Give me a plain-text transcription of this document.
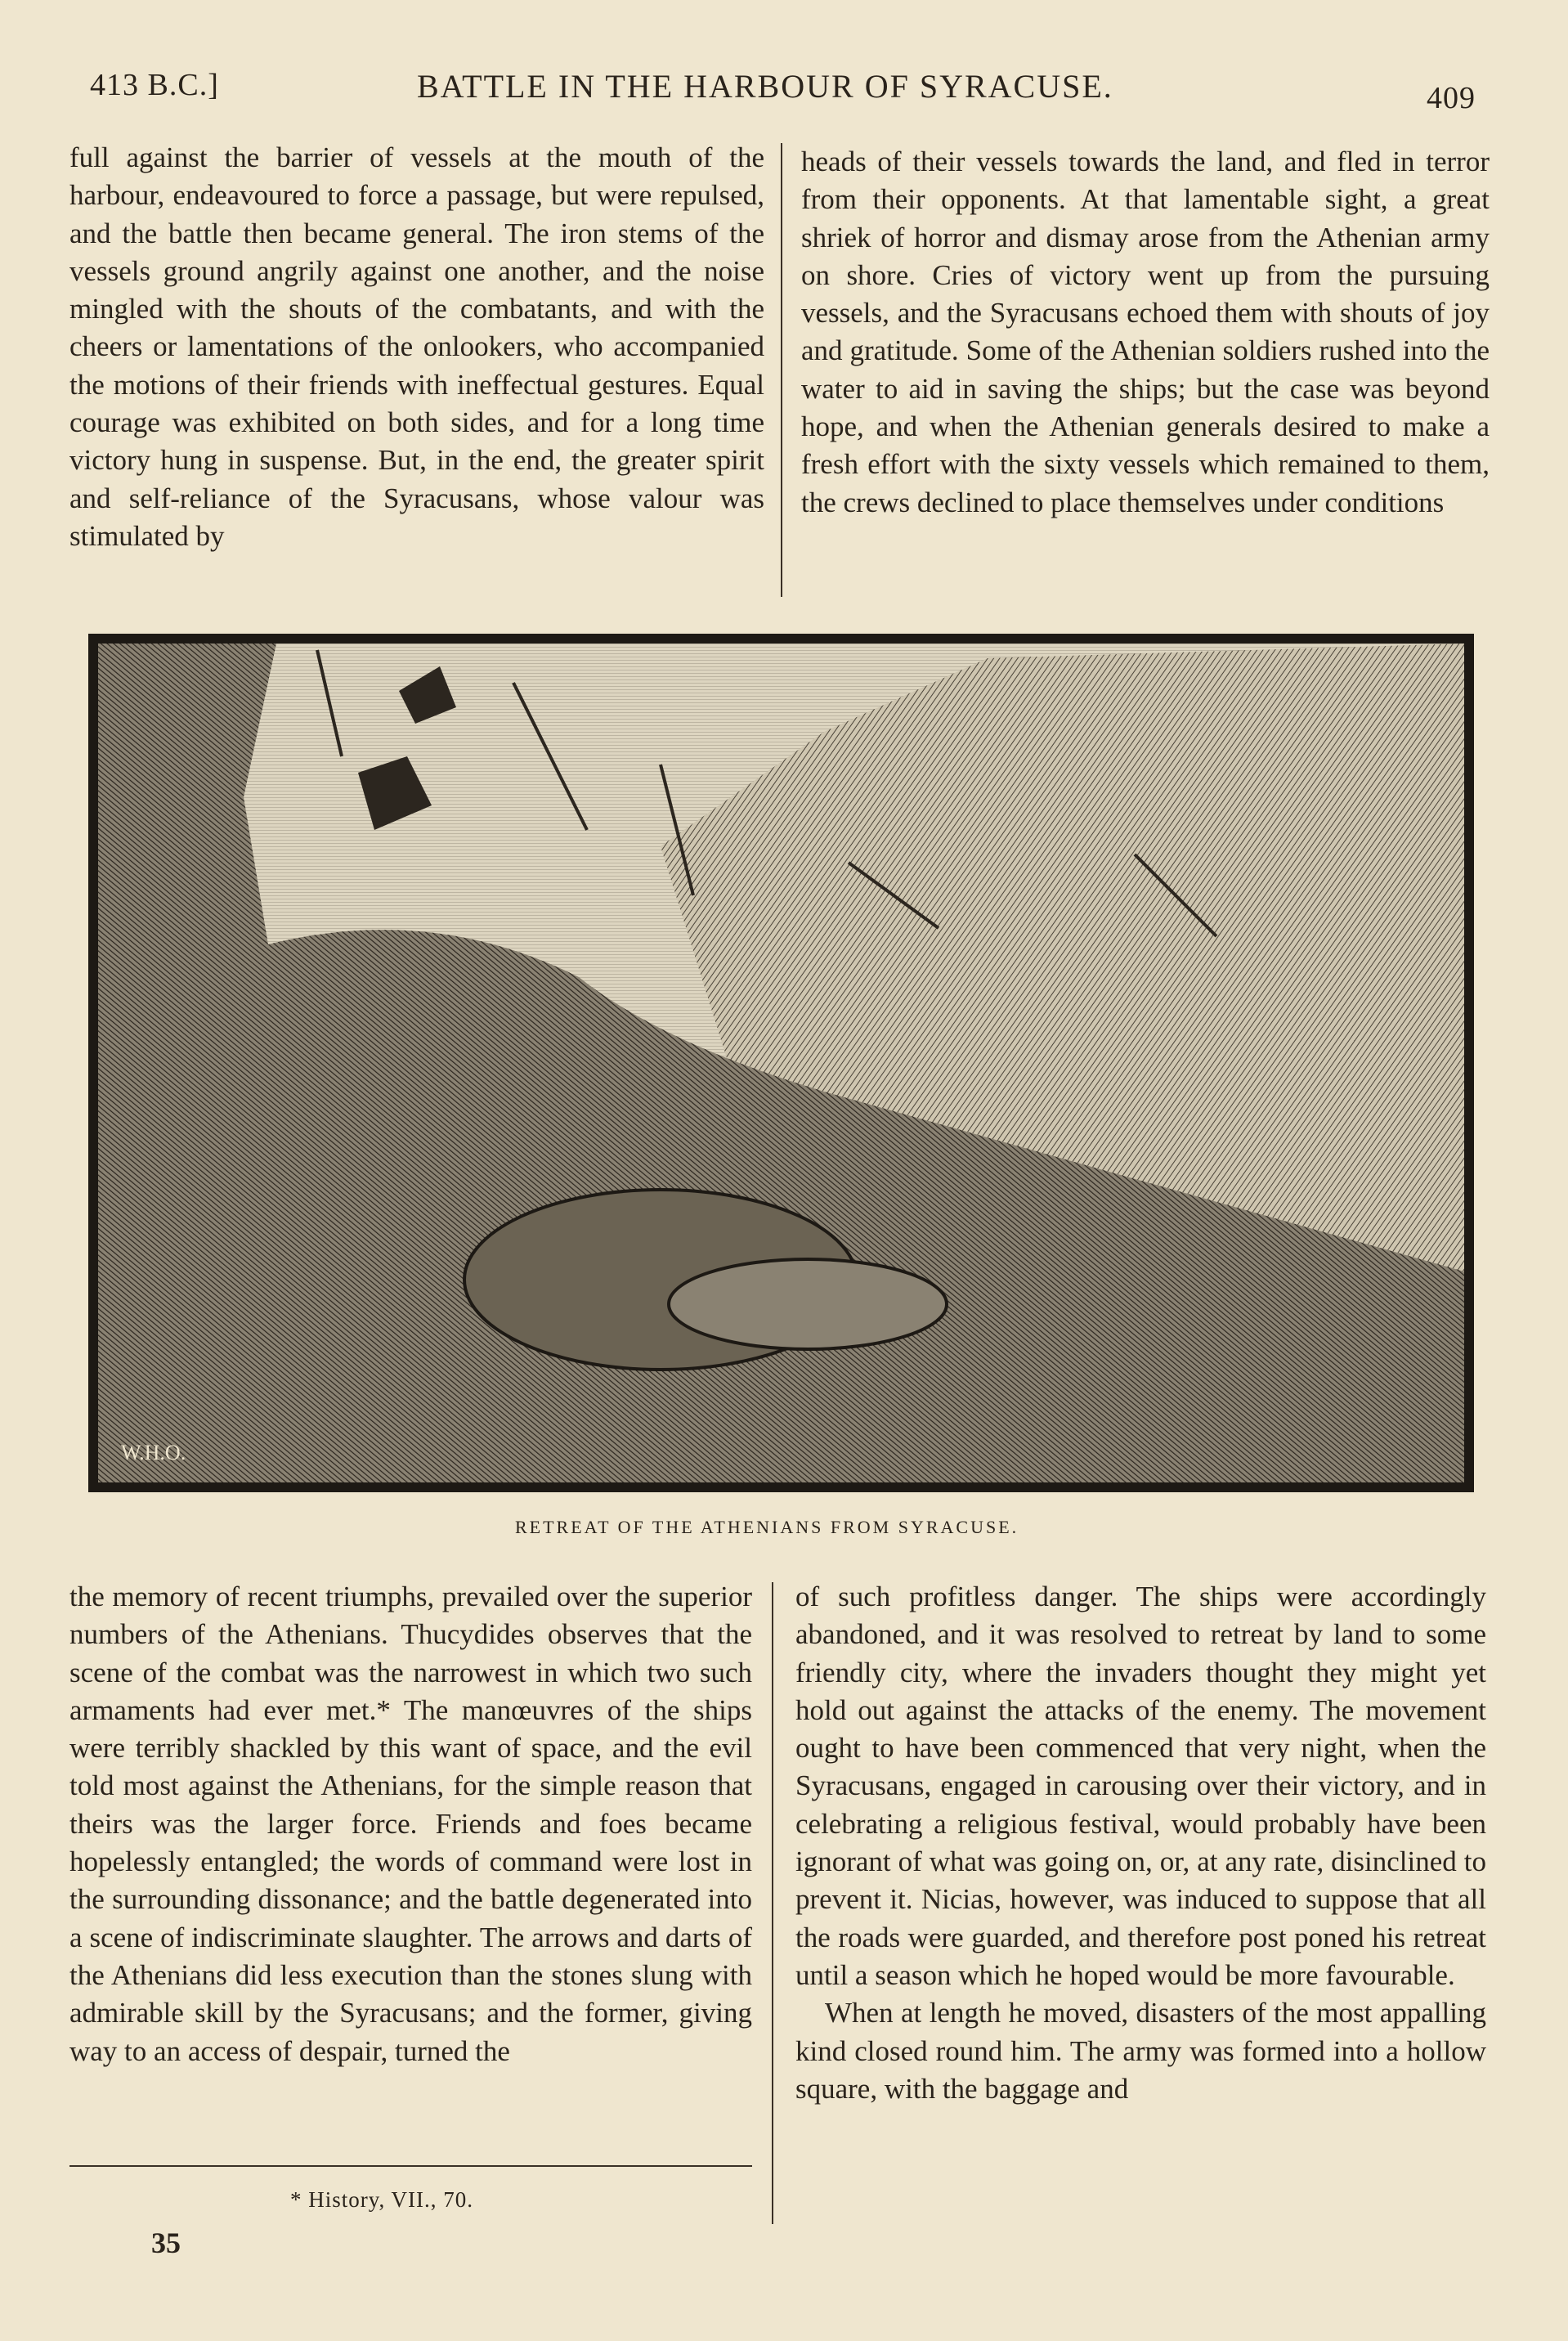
413 B.C.]	BATTLE IN THE HARBOUR OF SYRACUSE.	409

full against the barrier of vessels at the mouth of the harbour, endeavoured to force a passage, but were repulsed, and the battle then became general. The iron stems of the vessels ground angrily against one another, and the noise mingled with the shouts of the combatants, and with the cheers or lamentations of the onlookers, who accompanied the motions of their friends with ineffectual gestures. Equal courage was exhibited on both sides, and for a long time victory hung in suspense. But, in the end, the greater spirit and self-reliance of the Syracusans, whose valour was stimulated by

heads of their vessels towards the land, and fled in terror from their opponents. At that lamentable sight, a great shriek of horror and dismay arose from the Athenian army on shore. Cries of victory went up from the pursuing vessels, and the Syracusans echoed them with shouts of joy and gratitude. Some of the Athenian soldiers rushed into the water to aid in saving the ships; but the case was beyond hope, and when the Athenian generals desired to make a fresh effort with the sixty vessels which remained to them, the crews declined to place themselves under conditions

W.H.O.
RETREAT OF THE ATHENIANS FROM SYRACUSE.

the memory of recent triumphs, prevailed over the superior numbers of the Athenians. Thucydides observes that the scene of the combat was the narrowest in which two such armaments had ever met.* The manœuvres of the ships were terribly shackled by this want of space, and the evil told most against the Athenians, for the simple reason that theirs was the larger force. Friends and foes became hopelessly entangled; the words of command were lost in the surrounding dissonance; and the battle degenerated into a scene of indiscriminate slaughter. The arrows and darts of the Athenians did less execution than the stones slung with admirable skill by the Syracusans; and the former, giving way to an access of despair, turned the

of such profitless danger. The ships were accordingly abandoned, and it was resolved to retreat by land to some friendly city, where the invaders thought they might yet hold out against the attacks of the enemy. The movement ought to have been commenced that very night, when the Syracusans, engaged in carousing over their victory, and in celebrating a religious festival, would probably have been ignorant of what was going on, or, at any rate, disinclined to prevent it. Nicias, however, was induced to suppose that all the roads were guarded, and therefore post poned his retreat until a season which he hoped would be more favourable.

When at length he moved, disasters of the most appalling kind closed round him. The army was formed into a hollow square, with the baggage and

* History, VII., 70.
35
